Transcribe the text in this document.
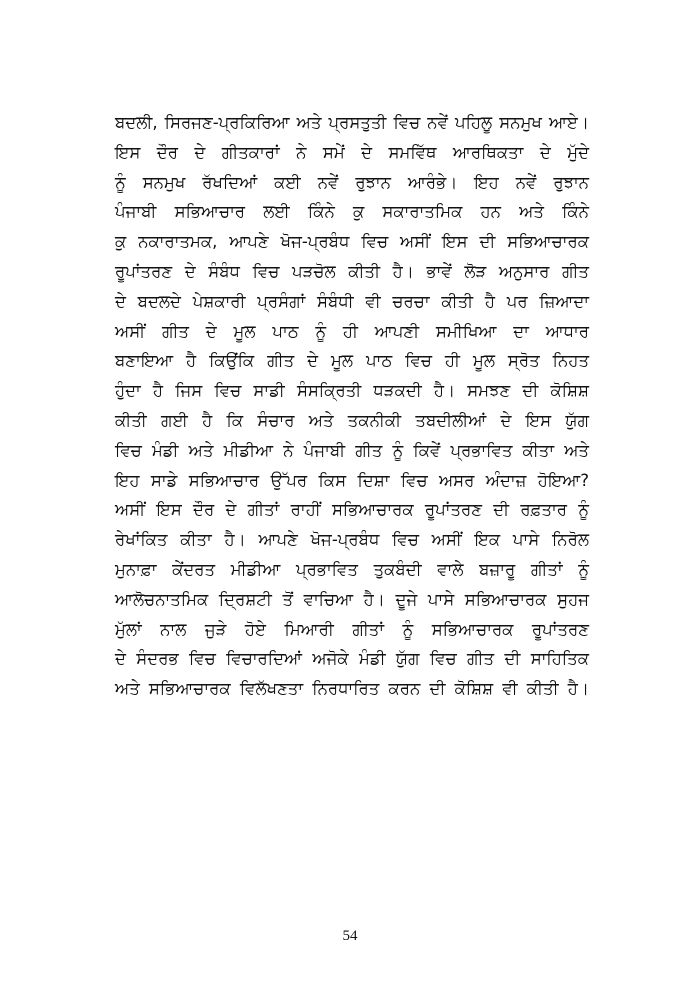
ਬਦਲੀ, ਸਿਰਜਣ-ਪ੍ਰਕਿਰਿਆ ਅਤੇ ਪ੍ਰਸਤੁਤੀ ਵਿਚ ਨਵੇਂ ਪਹਿਲੂ ਸਨਮੁਖ ਆਏ।
ਇਸ ਦੌਰ ਦੇ ਗੀਤਕਾਰਾਂ ਨੇ ਸਮੇਂ ਦੇ ਸਮਵਿੱਥ ਆਰਥਿਕਤਾ ਦੇ ਮੁੱਦੇ
ਨੂੰ ਸਨਮੁਖ ਰੱਖਦਿਆਂ ਕਈ ਨਵੇਂ ਰੁਝਾਨ ਆਰੰਭੇ। ਇਹ ਨਵੇਂ ਰੁਝਾਨ
ਪੰਜਾਬੀ ਸਭਿਆਚਾਰ ਲਈ ਕਿੰਨੇ ਕੁ ਸਕਾਰਾਤਮਿਕ ਹਨ ਅਤੇ ਕਿੰਨੇ
ਕੁ ਨਕਾਰਾਤਮਕ, ਆਪਣੇ ਖੋਜ-ਪ੍ਰਬੰਧ ਵਿਚ ਅਸੀਂ ਇਸ ਦੀ ਸਭਿਆਚਾਰਕ
ਰੂਪਾਂਤਰਣ ਦੇ ਸੰਬੰਧ ਵਿਚ ਪੜਚੋਲ ਕੀਤੀ ਹੈ। ਭਾਵੇਂ ਲੋੜ ਅਨੁਸਾਰ ਗੀਤ
ਦੇ ਬਦਲਦੇ ਪੇਸ਼ਕਾਰੀ ਪ੍ਰਸੰਗਾਂ ਸੰਬੰਧੀ ਵੀ ਚਰਚਾ ਕੀਤੀ ਹੈ ਪਰ ਜ਼ਿਆਦਾ
ਅਸੀਂ ਗੀਤ ਦੇ ਮੂਲ ਪਾਠ ਨੂੰ ਹੀ ਆਪਣੀ ਸਮੀਖਿਆ ਦਾ ਆਧਾਰ
ਬਣਾਇਆ ਹੈ ਕਿਉਂਕਿ ਗੀਤ ਦੇ ਮੂਲ ਪਾਠ ਵਿਚ ਹੀ ਮੂਲ ਸ੍ਰੋਤ ਨਿਹਤ
ਹੁੰਦਾ ਹੈ ਜਿਸ ਵਿਚ ਸਾਡੀ ਸੰਸਕ੍ਰਿਤੀ ਧੜਕਦੀ ਹੈ। ਸਮਝਣ ਦੀ ਕੋਸ਼ਿਸ਼
ਕੀਤੀ ਗਈ ਹੈ ਕਿ ਸੰਚਾਰ ਅਤੇ ਤਕਨੀਕੀ ਤਬਦੀਲੀਆਂ ਦੇ ਇਸ ਯੁੱਗ
ਵਿਚ ਮੰਡੀ ਅਤੇ ਮੀਡੀਆ ਨੇ ਪੰਜਾਬੀ ਗੀਤ ਨੂੰ ਕਿਵੇਂ ਪ੍ਰਭਾਵਿਤ ਕੀਤਾ ਅਤੇ
ਇਹ ਸਾਡੇ ਸਭਿਆਚਾਰ ਉੱਪਰ ਕਿਸ ਦਿਸ਼ਾ ਵਿਚ ਅਸਰ ਅੰਦਾਜ਼ ਹੋਇਆ?
ਅਸੀਂ ਇਸ ਦੌਰ ਦੇ ਗੀਤਾਂ ਰਾਹੀਂ ਸਭਿਆਚਾਰਕ ਰੂਪਾਂਤਰਣ ਦੀ ਰਫ਼ਤਾਰ ਨੂੰ
ਰੇਖਾਂਕਿਤ ਕੀਤਾ ਹੈ। ਆਪਣੇ ਖੋਜ-ਪ੍ਰਬੰਧ ਵਿਚ ਅਸੀਂ ਇਕ ਪਾਸੇ ਨਿਰੋਲ
ਮੁਨਾਫ਼ਾ ਕੇਂਦਰਤ ਮੀਡੀਆ ਪ੍ਰਭਾਵਿਤ ਤੁਕਬੰਦੀ ਵਾਲੇ ਬਜ਼ਾਰੂ ਗੀਤਾਂ ਨੂੰ
ਆਲੋਚਨਾਤਮਿਕ ਦ੍ਰਿਸ਼ਟੀ ਤੋਂ ਵਾਚਿਆ ਹੈ। ਦੂਜੇ ਪਾਸੇ ਸਭਿਆਚਾਰਕ ਸੁਹਜ
ਮੁੱਲਾਂ ਨਾਲ ਜੁੜੇ ਹੋਏ ਮਿਆਰੀ ਗੀਤਾਂ ਨੂੰ ਸਭਿਆਚਾਰਕ ਰੂਪਾਂਤਰਣ
ਦੇ ਸੰਦਰਭ ਵਿਚ ਵਿਚਾਰਦਿਆਂ ਅਜੋਕੇ ਮੰਡੀ ਯੁੱਗ ਵਿਚ ਗੀਤ ਦੀ ਸਾਹਿਤਿਕ
ਅਤੇ ਸਭਿਆਚਾਰਕ ਵਿਲੱਖਣਤਾ ਨਿਰਧਾਰਿਤ ਕਰਨ ਦੀ ਕੋਸ਼ਿਸ਼ ਵੀ ਕੀਤੀ ਹੈ।
54
